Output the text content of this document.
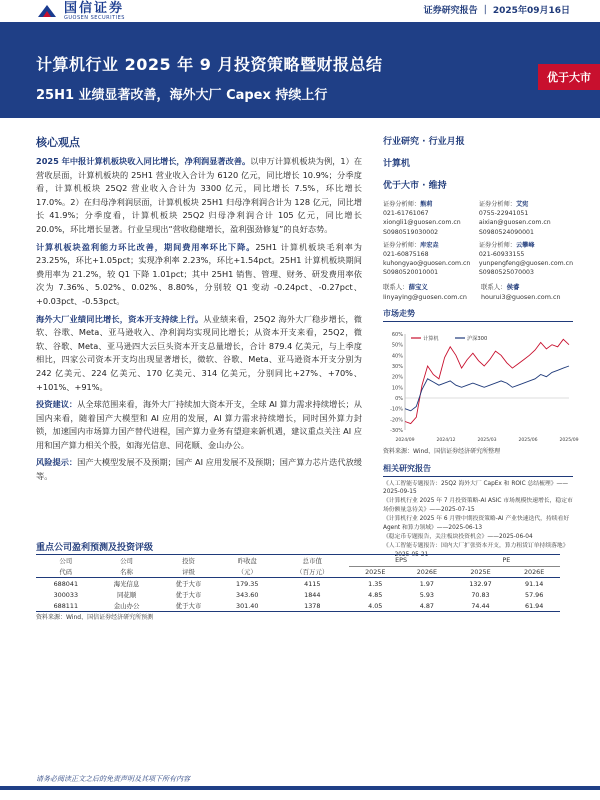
国信证券
GUOSEN SECURITIES
证券研究报告 ｜ 2025年09月16日
计算机行业 2025 年 9 月投资策略暨财报总结
25H1 业绩显著改善，海外大厂 Capex 持续上行
优于大市
核心观点
2025 年中报计算机板块收入同比增长，净利润显著改善。以申万计算机板块为例，1）在营收层面，计算机板块的 25H1 营业收入合计为 6120 亿元，同比增长 10.9%；分季度看，计算机板块 25Q2 营业收入合计为 3300 亿元，同比增长 7.5%，环比增长 17.0%。2）在归母净利润层面，计算机板块 25H1 归母净利润合计为 128 亿元，同比增长 41.9%；分季度看，计算机板块 25Q2 归母净利润合计 105 亿元，同比增长 20.0%，环比增长显著。行业呈现出“营收稳健增长，盈利强劲修复”的良好态势。
计算机板块盈利能力环比改善，期间费用率环比下降。25H1 计算机板块毛利率为 23.25%，环比+1.05pct；实现净利率 2.23%，环比+1.54pct。25H1 计算机板块期间费用率为 21.2%，较 Q1 下降 1.01pct；其中 25H1 销售、管理、财务、研发费用率依次为 7.36%、5.02%、0.02%、8.80%，分别较 Q1 变动 -0.24pct、-0.27pct、+0.03pct、-0.53pct。
海外大厂业绩同比增长，资本开支持续上行。从业绩来看，25Q2 海外大厂稳步增长，微软、谷歌、Meta、亚马逊收入、净利润均实现同比增长；从资本开支来看，25Q2，微软、谷歌、Meta、亚马逊四大云巨头资本开支总量增长，合计 879.4 亿美元，与上季度相比，四家公司资本开支均出现显著增长，微软、谷歌、Meta、亚马逊资本开支分别为 242 亿美元、224 亿美元、170 亿美元、314 亿美元，分别同比+27%、+70%、+101%、+91%。
投资建议：从全球范围来看，海外大厂持续加大资本开支，全球 AI 算力需求持续增长；从国内来看，随着国产大模型和 AI 应用的发展，AI 算力需求持续增长，同时国外算力封锁，加速国内市场算力国产替代进程，国产算力业务有望迎来新机遇，建议重点关注 AI 应用和国产算力相关个股，如海光信息、同花顺、金山办公。
风险提示：国产大模型发展不及预期；国产 AI 应用发展不及预期；国产算力芯片迭代放缓等。
行业研究 · 行业月报
计算机
优于大市 · 维持
证券分析师：熊莉
021-61761067
xiongli1@guosen.com.cn
S0980519030002
证券分析师：艾宪
0755-22941051
aixian@guosen.com.cn
S0980524090001
证券分析师：库宏垚
021-60875168
kuhongyao@guosen.com.cn
S0980520010001
证券分析师：云攀峰
021-60933155
yunpengfeng@guosen.com.cn
S0980525070003
联系人：薛宝义	联系人：侯睿
linyaying@guosen.com.cn	hourui3@guosen.com.cn
市场走势
-30%
-20%
-10%
0%
10%
20%
30%
40%
50%
60%
2024/09	2024/12	2025/03	2025/06	2025/09
计算机	沪深300
资料来源：Wind、国信证券经济研究所整理
相关研究报告
《人工智能专题报告：25Q2 海外大厂 CapEx 和 ROIC 总结梳理》——2025-09-15
《计算机行业 2025 年 7 月投资策略-AI ASIC 市场规模快速增长，稳定市场份额量急待关》——2025-07-15
《计算机行业 2025 年 6 月暨中期投资策略-AI 产业快速迭代，持续看好 Agent 和算力领域》——2025-06-13
《稳定币专题报告，关注板块投资机会》——2025-06-04
《人工智能专题报告：国内大厂扩张资本开支，算力租赁订单持续落地》——2025-05-21
重点公司盈利预测及投资评级
公司	公司	投资	昨收盘	总市值	EPS		PE	
代码	名称	评级	（元）	（百万元）	2025E	2026E	2025E	2026E
688041	海光信息	优于大市	179.35	4115	1.35	1.97	132.97	91.14
300033	同花顺	优于大市	343.60	1844	4.85	5.93	70.83	57.96
688111	金山办公	优于大市	301.40	1378	4.05	4.87	74.44	61.94
资料来源：Wind、国信证券经济研究所预测
请务必阅读正文之后的免责声明及其项下所有内容
